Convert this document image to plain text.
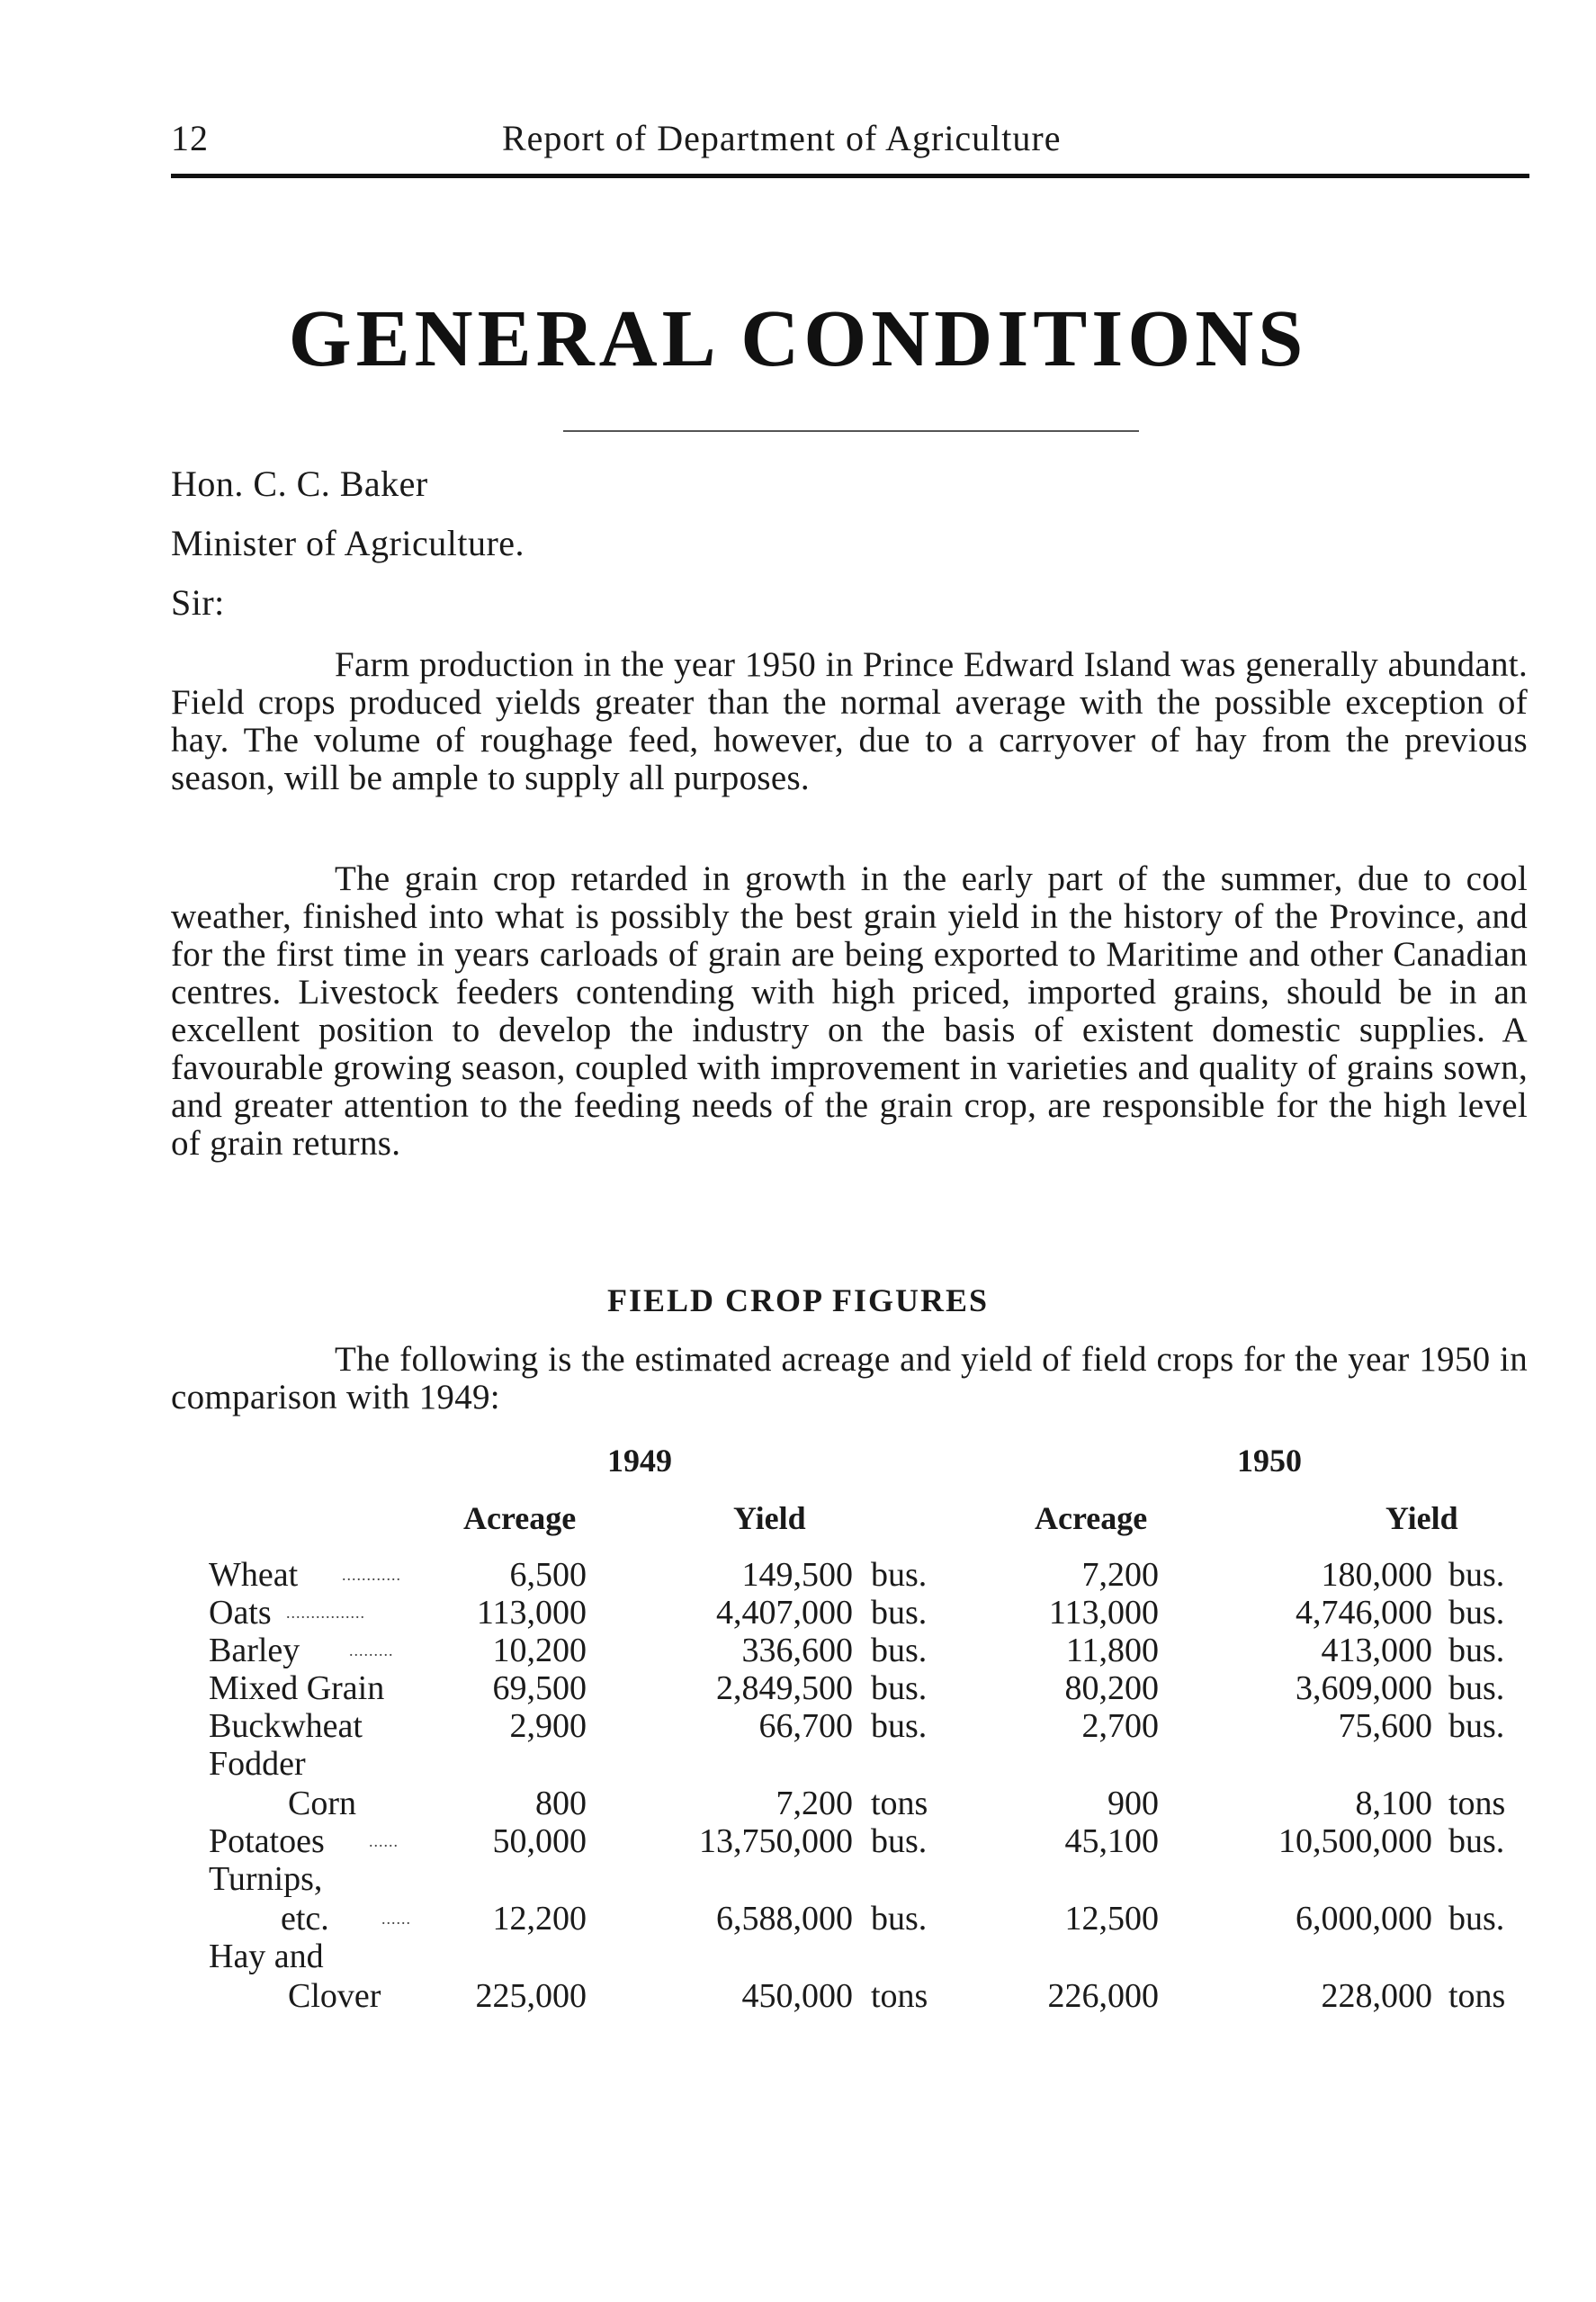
12	Report of Department of Agriculture
GENERAL CONDITIONS
Hon. C. C. Baker
Minister of Agriculture.
Sir:

Farm production in the year 1950 in Prince Edward Island was generally abundant. Field crops produced yields greater than the normal average with the possible exception of hay. The volume of roughage feed, however, due to a carryover of hay from the previous season, will be ample to supply all purposes.

The grain crop retarded in growth in the early part of the summer, due to cool weather, finished into what is possibly the best grain yield in the history of the Province, and for the first time in years carloads of grain are being exported to Maritime and other Canadian centres. Livestock feeders contending with high priced, imported grains, should be in an excellent position to develop the industry on the basis of existent domestic supplies. A favourable growing season, coupled with improvement in varieties and quality of grains sown, and greater attention to the feeding needs of the grain crop, are responsible for the high level of grain returns.

FIELD CROP FIGURES

The following is the estimated acreage and yield of field crops for the year 1950 in comparison with 1949:

1949	1950
Acreage	Yield	Acreage	Yield
Wheat	............	6,500	149,500 bus.	7,200	180,000 bus.
Oats ................	113,000	4,407,000 bus.	113,000	4,746,000 bus.
Barley	.........	10,200	336,600 bus.	11,800	413,000 bus.
Mixed Grain	69,500	2,849,500 bus.	80,200	3,609,000 bus.
Buckwheat	2,900	66,700 bus.	2,700	75,600 bus.
Fodder
Corn	800	7,200 tons	900	8,100 tons
Potatoes	......	50,000	13,750,000 bus.	45,100	10,500,000 bus.
Turnips,
etc.	...... 12,200	6,588,000 bus.	12,500	6,000,000 bus.
Hay and
Clover	225,000	450,000 tons	226,000	228,000 tons
